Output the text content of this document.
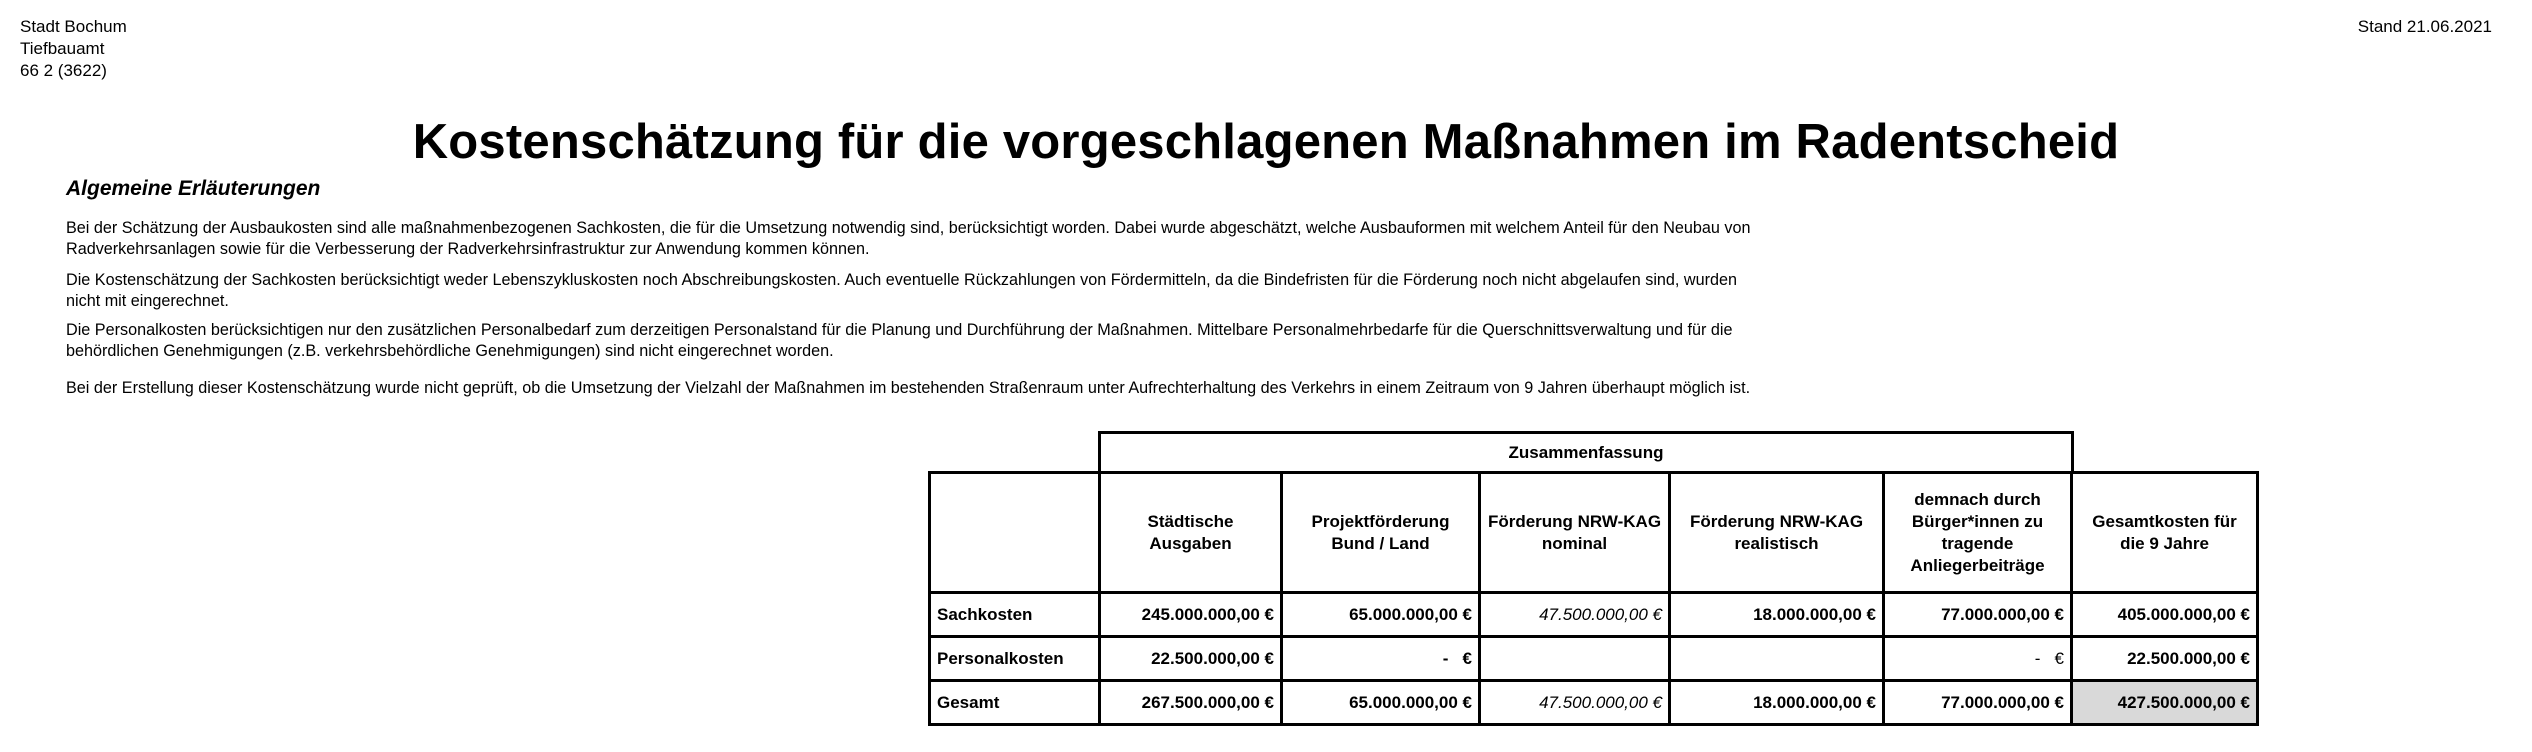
Stadt Bochum
Tiefbauamt
66 2 (3622)
Stand 21.06.2021
Kostenschätzung für die vorgeschlagenen Maßnahmen im Radentscheid
Algemeine Erläuterungen
Bei der Schätzung der Ausbaukosten sind alle maßnahmenbezogenen Sachkosten, die für die Umsetzung notwendig sind, berücksichtigt worden. Dabei wurde abgeschätzt, welche Ausbauformen mit welchem Anteil für den Neubau von
Radverkehrsanlagen sowie für die Verbesserung der Radverkehrsinfrastruktur zur Anwendung kommen können.
Die Kostenschätzung der Sachkosten berücksichtigt weder Lebenszykluskosten noch Abschreibungskosten. Auch eventuelle Rückzahlungen von Fördermitteln, da die Bindefristen für die Förderung noch nicht abgelaufen sind, wurden
nicht mit eingerechnet.
Die Personalkosten berücksichtigen nur den zusätzlichen Personalbedarf zum derzeitigen Personalstand für die Planung und Durchführung der Maßnahmen. Mittelbare Personalmehrbedarfe für die Querschnittsverwaltung und für die
behördlichen Genehmigungen (z.B. verkehrsbehördliche Genehmigungen) sind nicht eingerechnet worden.
Bei der Erstellung dieser Kostenschätzung wurde nicht geprüft, ob die Umsetzung der Vielzahl der Maßnahmen im bestehenden Straßenraum unter Aufrechterhaltung des Verkehrs in einem Zeitraum von 9 Jahren überhaupt möglich ist.
Zusammenfassung
	Städtische Ausgaben	Projektförderung Bund / Land	Förderung NRW-KAG nominal	Förderung NRW-KAG realistisch	demnach durch Bürger*innen zu tragende Anliegerbeiträge	Gesamtkosten für die 9 Jahre
Sachkosten	245.000.000,00 €	65.000.000,00 €	47.500.000,00 €	18.000.000,00 €	77.000.000,00 €	405.000.000,00 €
Personalkosten	22.500.000,00 €	-   €			-   €	22.500.000,00 €
Gesamt	267.500.000,00 €	65.000.000,00 €	47.500.000,00 €	18.000.000,00 €	77.000.000,00 €	427.500.000,00 €
